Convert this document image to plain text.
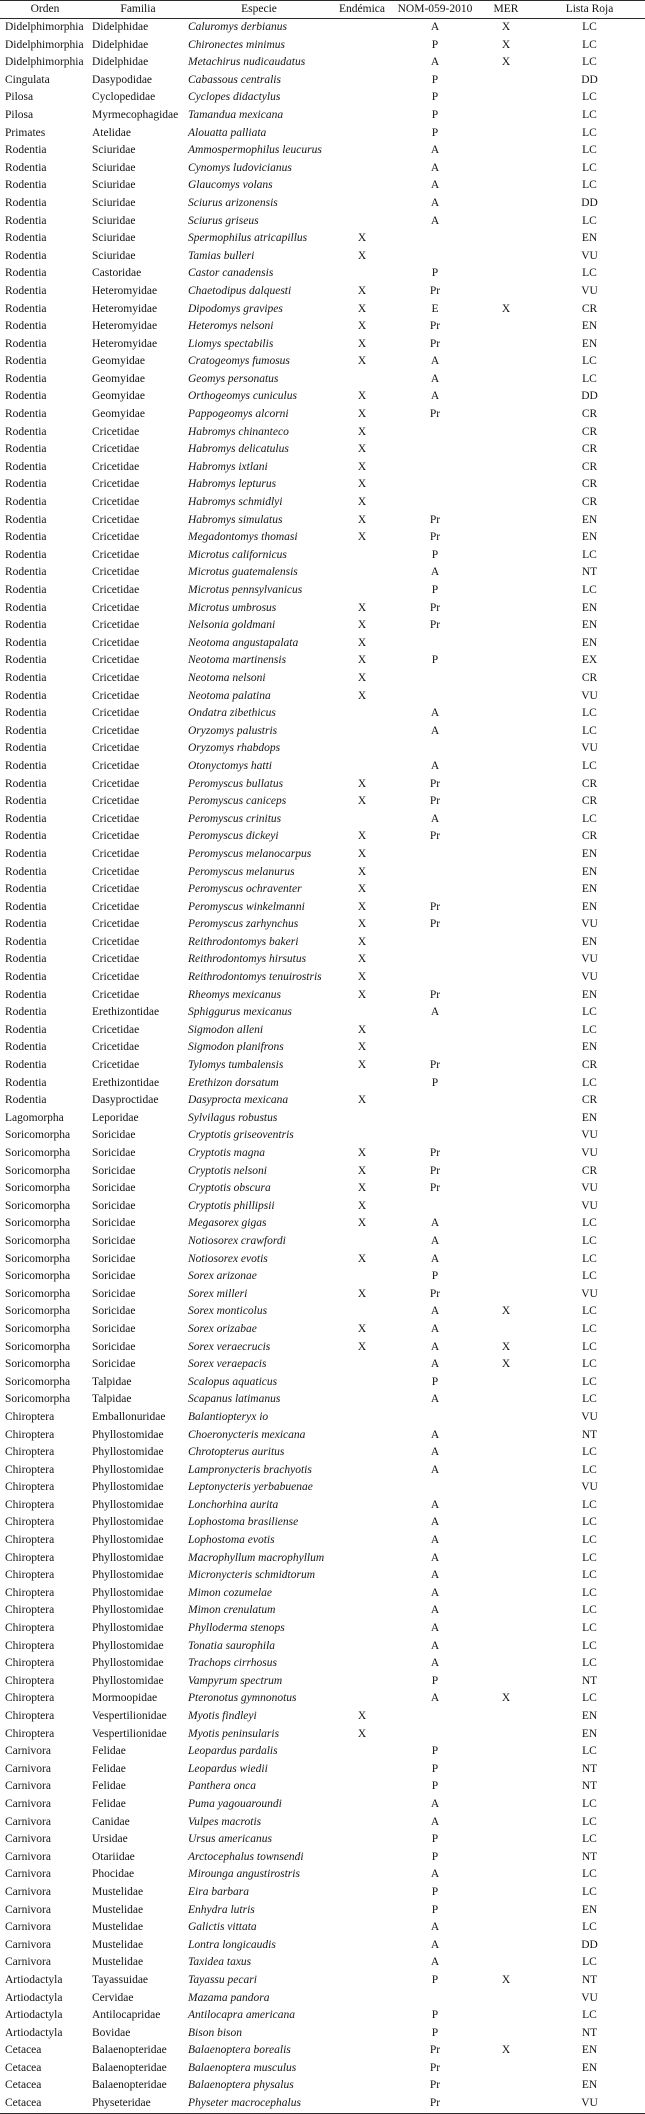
Orden	Familia	Especie	Endémica	NOM-059-2010	MER	Lista Roja
Didelphimorphia	Didelphidae	Caluromys derbianus		A	X	LC
Didelphimorphia	Didelphidae	Chironectes minimus		P	X	LC
Didelphimorphia	Didelphidae	Metachirus nudicaudatus		A	X	LC
Cingulata	Dasypodidae	Cabassous centralis		P		DD
Pilosa	Cyclopedidae	Cyclopes didactylus		P		LC
Pilosa	Myrmecophagidae	Tamandua mexicana		P		LC
Primates	Atelidae	Alouatta palliata		P		LC
Rodentia	Sciuridae	Ammospermophilus leucurus		A		LC
Rodentia	Sciuridae	Cynomys ludovicianus		A		LC
Rodentia	Sciuridae	Glaucomys volans		A		LC
Rodentia	Sciuridae	Sciurus arizonensis		A		DD
Rodentia	Sciuridae	Sciurus griseus		A		LC
Rodentia	Sciuridae	Spermophilus atricapillus	X			EN
Rodentia	Sciuridae	Tamias bulleri	X			VU
Rodentia	Castoridae	Castor canadensis		P		LC
Rodentia	Heteromyidae	Chaetodipus dalquesti	X	Pr		VU
Rodentia	Heteromyidae	Dipodomys gravipes	X	E	X	CR
Rodentia	Heteromyidae	Heteromys nelsoni	X	Pr		EN
Rodentia	Heteromyidae	Liomys spectabilis	X	Pr		EN
Rodentia	Geomyidae	Cratogeomys fumosus	X	A		LC
Rodentia	Geomyidae	Geomys personatus		A		LC
Rodentia	Geomyidae	Orthogeomys cuniculus	X	A		DD
Rodentia	Geomyidae	Pappogeomys alcorni	X	Pr		CR
Rodentia	Cricetidae	Habromys chinanteco	X			CR
Rodentia	Cricetidae	Habromys delicatulus	X			CR
Rodentia	Cricetidae	Habromys ixtlani	X			CR
Rodentia	Cricetidae	Habromys lepturus	X			CR
Rodentia	Cricetidae	Habromys schmidlyi	X			CR
Rodentia	Cricetidae	Habromys simulatus	X	Pr		EN
Rodentia	Cricetidae	Megadontomys thomasi	X	Pr		EN
Rodentia	Cricetidae	Microtus californicus		P		LC
Rodentia	Cricetidae	Microtus guatemalensis		A		NT
Rodentia	Cricetidae	Microtus pennsylvanicus		P		LC
Rodentia	Cricetidae	Microtus umbrosus	X	Pr		EN
Rodentia	Cricetidae	Nelsonia goldmani	X	Pr		EN
Rodentia	Cricetidae	Neotoma angustapalata	X			EN
Rodentia	Cricetidae	Neotoma martinensis	X	P		EX
Rodentia	Cricetidae	Neotoma nelsoni	X			CR
Rodentia	Cricetidae	Neotoma palatina	X			VU
Rodentia	Cricetidae	Ondatra zibethicus		A		LC
Rodentia	Cricetidae	Oryzomys palustris		A		LC
Rodentia	Cricetidae	Oryzomys rhabdops				VU
Rodentia	Cricetidae	Otonyctomys hatti		A		LC
Rodentia	Cricetidae	Peromyscus bullatus	X	Pr		CR
Rodentia	Cricetidae	Peromyscus caniceps	X	Pr		CR
Rodentia	Cricetidae	Peromyscus crinitus		A		LC
Rodentia	Cricetidae	Peromyscus dickeyi	X	Pr		CR
Rodentia	Cricetidae	Peromyscus melanocarpus	X			EN
Rodentia	Cricetidae	Peromyscus melanurus	X			EN
Rodentia	Cricetidae	Peromyscus ochraventer	X			EN
Rodentia	Cricetidae	Peromyscus winkelmanni	X	Pr		EN
Rodentia	Cricetidae	Peromyscus zarhynchus	X	Pr		VU
Rodentia	Cricetidae	Reithrodontomys bakeri	X			EN
Rodentia	Cricetidae	Reithrodontomys hirsutus	X			VU
Rodentia	Cricetidae	Reithrodontomys tenuirostris	X			VU
Rodentia	Cricetidae	Rheomys mexicanus	X	Pr		EN
Rodentia	Erethizontidae	Sphiggurus mexicanus		A		LC
Rodentia	Cricetidae	Sigmodon alleni	X			LC
Rodentia	Cricetidae	Sigmodon planifrons	X			EN
Rodentia	Cricetidae	Tylomys tumbalensis	X	Pr		CR
Rodentia	Erethizontidae	Erethizon dorsatum		P		LC
Rodentia	Dasyproctidae	Dasyprocta mexicana	X			CR
Lagomorpha	Leporidae	Sylvilagus robustus				EN
Soricomorpha	Soricidae	Cryptotis griseoventris				VU
Soricomorpha	Soricidae	Cryptotis magna	X	Pr		VU
Soricomorpha	Soricidae	Cryptotis nelsoni	X	Pr		CR
Soricomorpha	Soricidae	Cryptotis obscura	X	Pr		VU
Soricomorpha	Soricidae	Cryptotis phillipsii	X			VU
Soricomorpha	Soricidae	Megasorex gigas	X	A		LC
Soricomorpha	Soricidae	Notiosorex crawfordi		A		LC
Soricomorpha	Soricidae	Notiosorex evotis	X	A		LC
Soricomorpha	Soricidae	Sorex arizonae		P		LC
Soricomorpha	Soricidae	Sorex milleri	X	Pr		VU
Soricomorpha	Soricidae	Sorex monticolus		A	X	LC
Soricomorpha	Soricidae	Sorex orizabae	X	A		LC
Soricomorpha	Soricidae	Sorex veraecrucis	X	A	X	LC
Soricomorpha	Soricidae	Sorex veraepacis		A	X	LC
Soricomorpha	Talpidae	Scalopus aquaticus		P		LC
Soricomorpha	Talpidae	Scapanus latimanus		A		LC
Chiroptera	Emballonuridae	Balantiopteryx io				VU
Chiroptera	Phyllostomidae	Choeronycteris mexicana		A		NT
Chiroptera	Phyllostomidae	Chrotopterus auritus		A		LC
Chiroptera	Phyllostomidae	Lampronycteris brachyotis		A		LC
Chiroptera	Phyllostomidae	Leptonycteris yerbabuenae				VU
Chiroptera	Phyllostomidae	Lonchorhina aurita		A		LC
Chiroptera	Phyllostomidae	Lophostoma brasiliense		A		LC
Chiroptera	Phyllostomidae	Lophostoma evotis		A		LC
Chiroptera	Phyllostomidae	Macrophyllum macrophyllum		A		LC
Chiroptera	Phyllostomidae	Micronycteris schmidtorum		A		LC
Chiroptera	Phyllostomidae	Mimon cozumelae		A		LC
Chiroptera	Phyllostomidae	Mimon crenulatum		A		LC
Chiroptera	Phyllostomidae	Phylloderma stenops		A		LC
Chiroptera	Phyllostomidae	Tonatia saurophila		A		LC
Chiroptera	Phyllostomidae	Trachops cirrhosus		A		LC
Chiroptera	Phyllostomidae	Vampyrum spectrum		P		NT
Chiroptera	Mormoopidae	Pteronotus gymnonotus		A	X	LC
Chiroptera	Vespertilionidae	Myotis findleyi	X			EN
Chiroptera	Vespertilionidae	Myotis peninsularis	X			EN
Carnivora	Felidae	Leopardus pardalis		P		LC
Carnivora	Felidae	Leopardus wiedii		P		NT
Carnivora	Felidae	Panthera onca		P		NT
Carnivora	Felidae	Puma yagouaroundi		A		LC
Carnivora	Canidae	Vulpes macrotis		A		LC
Carnivora	Ursidae	Ursus americanus		P		LC
Carnivora	Otariidae	Arctocephalus townsendi		P		NT
Carnivora	Phocidae	Mirounga angustirostris		A		LC
Carnivora	Mustelidae	Eira barbara		P		LC
Carnivora	Mustelidae	Enhydra lutris		P		EN
Carnivora	Mustelidae	Galictis vittata		A		LC
Carnivora	Mustelidae	Lontra longicaudis		A		DD
Carnivora	Mustelidae	Taxidea taxus		A		LC
Artiodactyla	Tayassuidae	Tayassu pecari		P	X	NT
Artiodactyla	Cervidae	Mazama pandora				VU
Artiodactyla	Antilocapridae	Antilocapra americana		P		LC
Artiodactyla	Bovidae	Bison bison		P		NT
Cetacea	Balaenopteridae	Balaenoptera borealis		Pr	X	EN
Cetacea	Balaenopteridae	Balaenoptera musculus		Pr		EN
Cetacea	Balaenopteridae	Balaenoptera physalus		Pr		EN
Cetacea	Physeteridae	Physeter macrocephalus		Pr		VU
